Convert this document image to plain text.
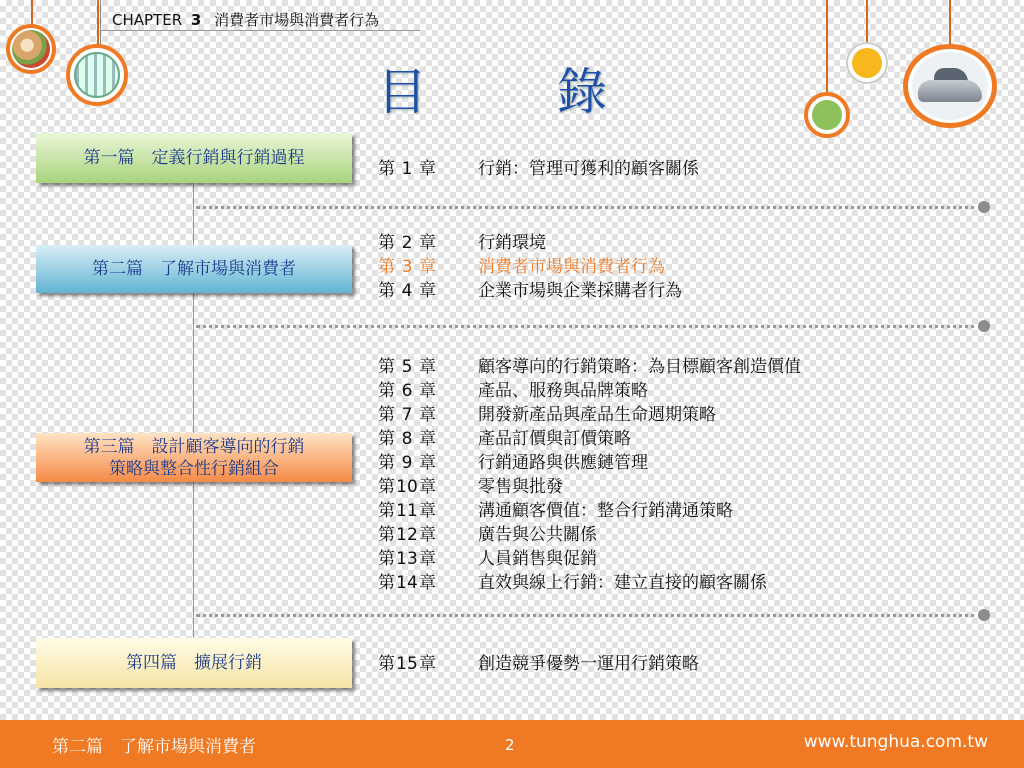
CHAPTER 3 消費者市場與消費者行為
目　錄
第一篇　定義行銷與行銷過程
第二篇　了解市場與消費者
第三篇　設計顧客導向的行銷
策略與整合性行銷組合
第四篇　擴展行銷
第 1 章	行銷：管理可獲利的顧客關係
第 2 章	行銷環境
第 3 章	消費者市場與消費者行為
第 4 章	企業市場與企業採購者行為
第 5 章	顧客導向的行銷策略：為目標顧客創造價值
第 6 章	產品、服務與品牌策略
第 7 章	開發新產品與產品生命週期策略
第 8 章	產品訂價與訂價策略
第 9 章	行銷通路與供應鏈管理
第10章	零售與批發
第11章	溝通顧客價值：整合行銷溝通策略
第12章	廣告與公共關係
第13章	人員銷售與促銷
第14章	直效與線上行銷：建立直接的顧客關係
第15章	創造競爭優勢一運用行銷策略
第二篇　了解市場與消費者	2	www.tunghua.com.tw
